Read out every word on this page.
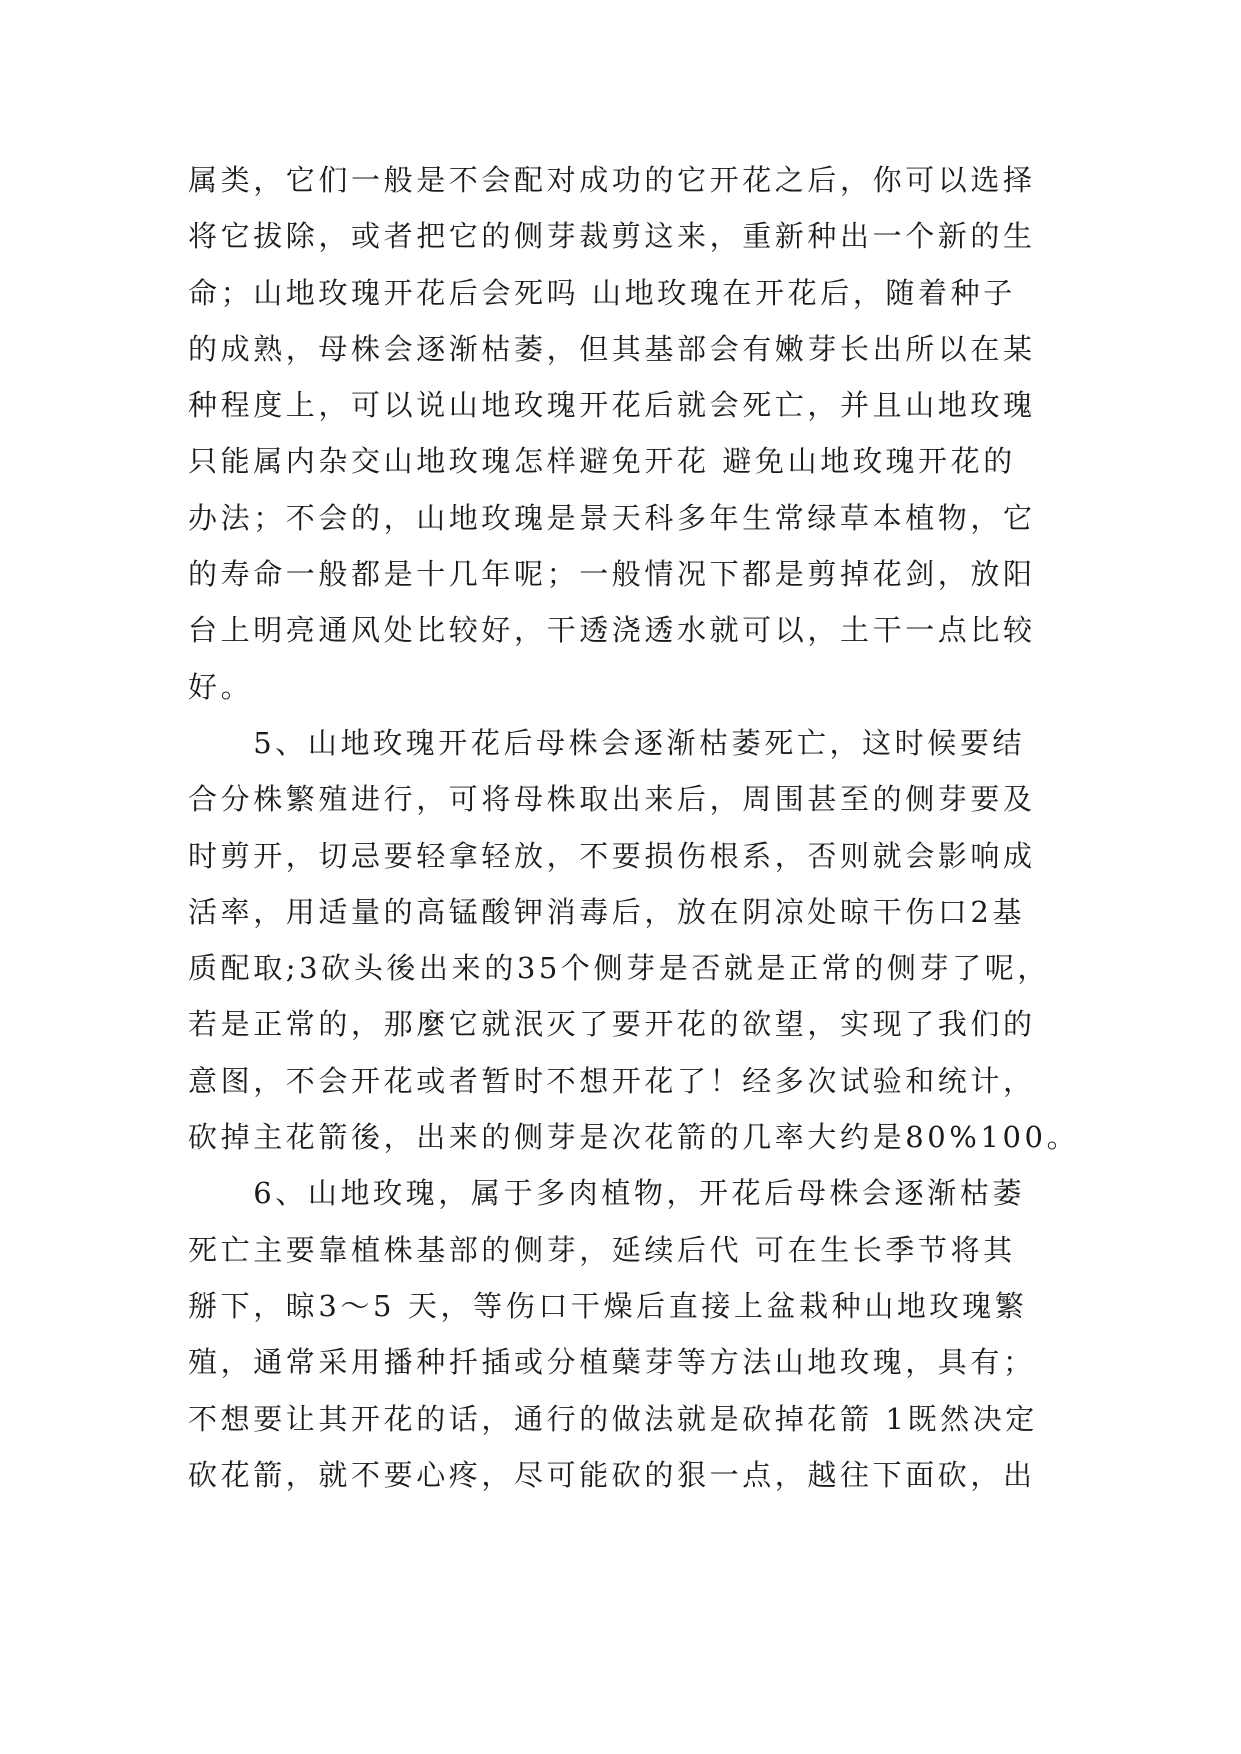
属类，它们一般是不会配对成功的它开花之后，你可以选择
将它拔除，或者把它的侧芽裁剪这来，重新种出一个新的生
命；山地玫瑰开花后会死吗 山地玫瑰在开花后，随着种子
的成熟，母株会逐渐枯萎，但其基部会有嫩芽长出所以在某
种程度上，可以说山地玫瑰开花后就会死亡，并且山地玫瑰
只能属内杂交山地玫瑰怎样避免开花 避免山地玫瑰开花的
办法；不会的，山地玫瑰是景天科多年生常绿草本植物，它
的寿命一般都是十几年呢；一般情况下都是剪掉花剑，放阳
台上明亮通风处比较好，干透浇透水就可以，土干一点比较
好。
　　5、山地玫瑰开花后母株会逐渐枯萎死亡，这时候要结
合分株繁殖进行，可将母株取出来后，周围甚至的侧芽要及
时剪开，切忌要轻拿轻放，不要损伤根系，否则就会影响成
活率，用适量的高锰酸钾消毒后，放在阴凉处晾干伤口2基
质配取;3砍头後出来的35个侧芽是否就是正常的侧芽了呢，
若是正常的，那麼它就泯灭了要开花的欲望，实现了我们的
意图，不会开花或者暂时不想开花了！经多次试验和统计，
砍掉主花箭後，出来的侧芽是次花箭的几率大约是80%100。
　　6、山地玫瑰，属于多肉植物，开花后母株会逐渐枯萎
死亡主要靠植株基部的侧芽，延续后代 可在生长季节将其
掰下，晾3～5 天，等伤口干燥后直接上盆栽种山地玫瑰繁
殖，通常采用播种扦插或分植蘖芽等方法山地玫瑰，具有；
不想要让其开花的话，通行的做法就是砍掉花箭 1既然决定
砍花箭，就不要心疼，尽可能砍的狠一点，越往下面砍，出
